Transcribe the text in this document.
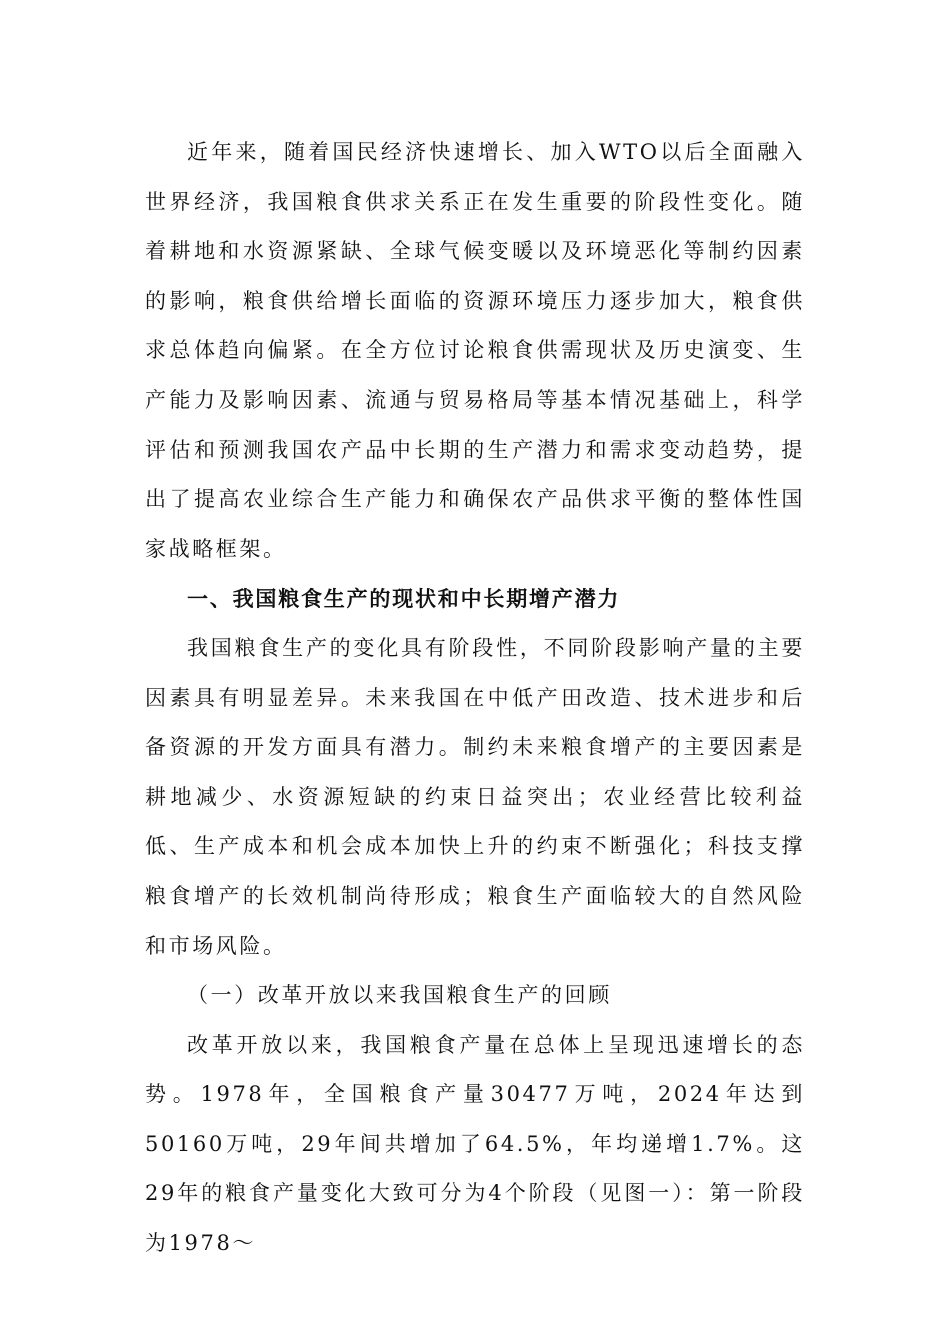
近年来，随着国民经济快速增长、加入WTO以后全面融入世界经济，我国粮食供求关系正在发生重要的阶段性变化。随着耕地和水资源紧缺、全球气候变暖以及环境恶化等制约因素的影响，粮食供给增长面临的资源环境压力逐步加大，粮食供求总体趋向偏紧。在全方位讨论粮食供需现状及历史演变、生产能力及影响因素、流通与贸易格局等基本情况基础上，科学评估和预测我国农产品中长期的生产潜力和需求变动趋势，提出了提高农业综合生产能力和确保农产品供求平衡的整体性国家战略框架。

一、我国粮食生产的现状和中长期增产潜力

我国粮食生产的变化具有阶段性，不同阶段影响产量的主要因素具有明显差异。未来我国在中低产田改造、技术进步和后备资源的开发方面具有潜力。制约未来粮食增产的主要因素是耕地减少、水资源短缺的约束日益突出；农业经营比较利益低、生产成本和机会成本加快上升的约束不断强化；科技支撑粮食增产的长效机制尚待形成；粮食生产面临较大的自然风险和市场风险。

（一）改革开放以来我国粮食生产的回顾

改革开放以来，我国粮食产量在总体上呈现迅速增长的态势。1978年，全国粮食产量30477万吨，2024年达到50160万吨，29年间共增加了64.5%，年均递增1.7%。这29年的粮食产量变化大致可分为4个阶段（见图一）：第一阶段为1978～
